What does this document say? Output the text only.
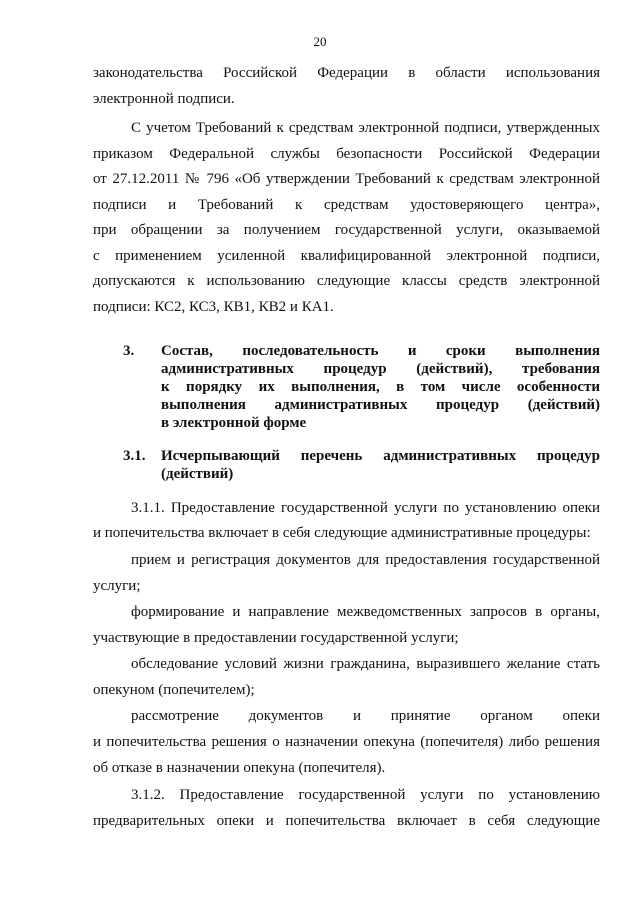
20
законодательства Российской Федерации в области использования
электронной подписи.
С учетом Требований к средствам электронной подписи, утвержденных
приказом Федеральной службы безопасности Российской Федерации
от 27.12.2011 № 796 «Об утверждении Требований к средствам электронной
подписи и Требований к средствам удостоверяющего центра»,
при обращении за получением государственной услуги, оказываемой
с применением усиленной квалифицированной электронной подписи,
допускаются к использованию следующие классы средств электронной
подписи: КС2, КС3, КВ1, КВ2 и КА1.
3. Состав, последовательность и сроки выполнения
административных процедур (действий), требования
к порядку их выполнения, в том числе особенности
выполнения административных процедур (действий)
в электронной форме
3.1. Исчерпывающий перечень административных процедур
(действий)
3.1.1. Предоставление государственной услуги по установлению опеки
и попечительства включает в себя следующие административные процедуры:
прием и регистрация документов для предоставления государственной
услуги;
формирование и направление межведомственных запросов в органы,
участвующие в предоставлении государственной услуги;
обследование условий жизни гражданина, выразившего желание стать
опекуном (попечителем);
рассмотрение документов и принятие органом опеки
и попечительства решения о назначении опекуна (попечителя) либо решения
об отказе в назначении опекуна (попечителя).
3.1.2. Предоставление государственной услуги по установлению
предварительных опеки и попечительства включает в себя следующие
